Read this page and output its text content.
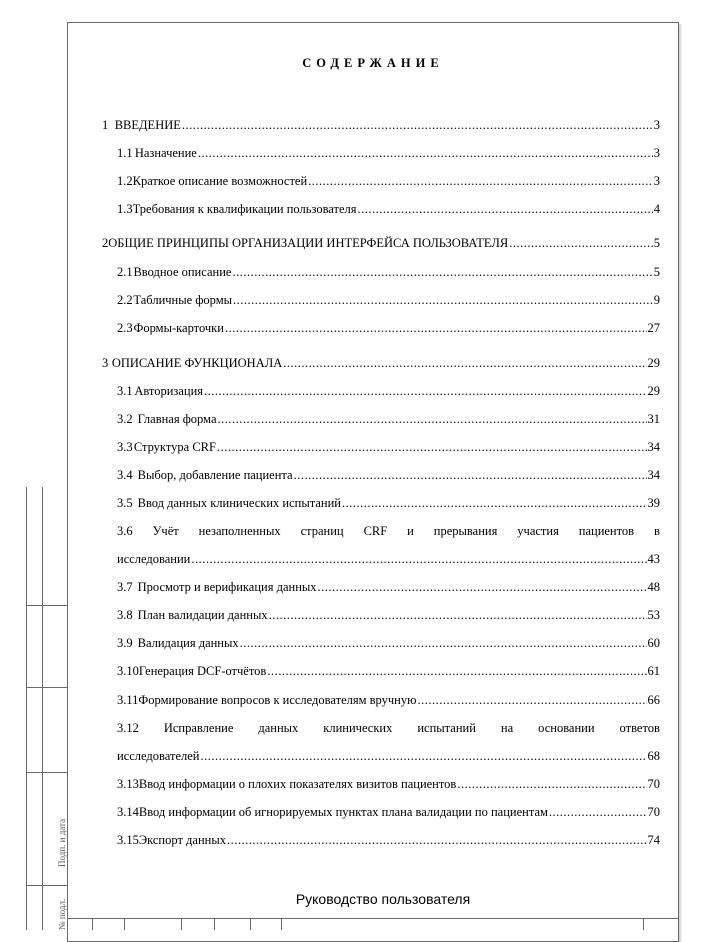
СОДЕРЖАНИЕ
1 ВВЕДЕНИЕ .....	3
1.1 Назначение .....	3
1.2 Краткое описание возможностей .....	3
1.3 Требования к квалификации пользователя .....	4
2 ОБЩИЕ ПРИНЦИПЫ ОРГАНИЗАЦИИ ИНТЕРФЕЙСА ПОЛЬЗОВАТЕЛЯ .....	5
2.1 Вводное описание .....	5
2.2 Табличные формы .....	9
2.3 Формы-карточки .....	27
3 ОПИСАНИЕ ФУНКЦИОНАЛА .....	29
3.1 Авторизация .....	29
3.2 Главная форма .....	31
3.3 Структура CRF .....	34
3.4 Выбор, добавление пациента .....	34
3.5 Ввод данных клинических испытаний .....	39
3.6 Учёт незаполненных страниц CRF и прерывания участия пациентов в
исследовании .....	43
3.7 Просмотр и верификация данных .....	48
3.8 План валидации данных .....	53
3.9 Валидация данных .....	60
3.10 Генерация DCF-отчётов .....	61
3.11 Формирование вопросов к исследователям вручную .....	66
3.12 Исправление данных клинических испытаний на основании ответов
исследователей .....	68
3.13 Ввод информации о плохих показателях визитов пациентов .....	70
3.14 Ввод информации об игнорируемых пунктах плана валидации по пациентам .....	70
3.15 Экспорт данных .....	74
Руководство пользователя
Подп. и дата
№ подл.
